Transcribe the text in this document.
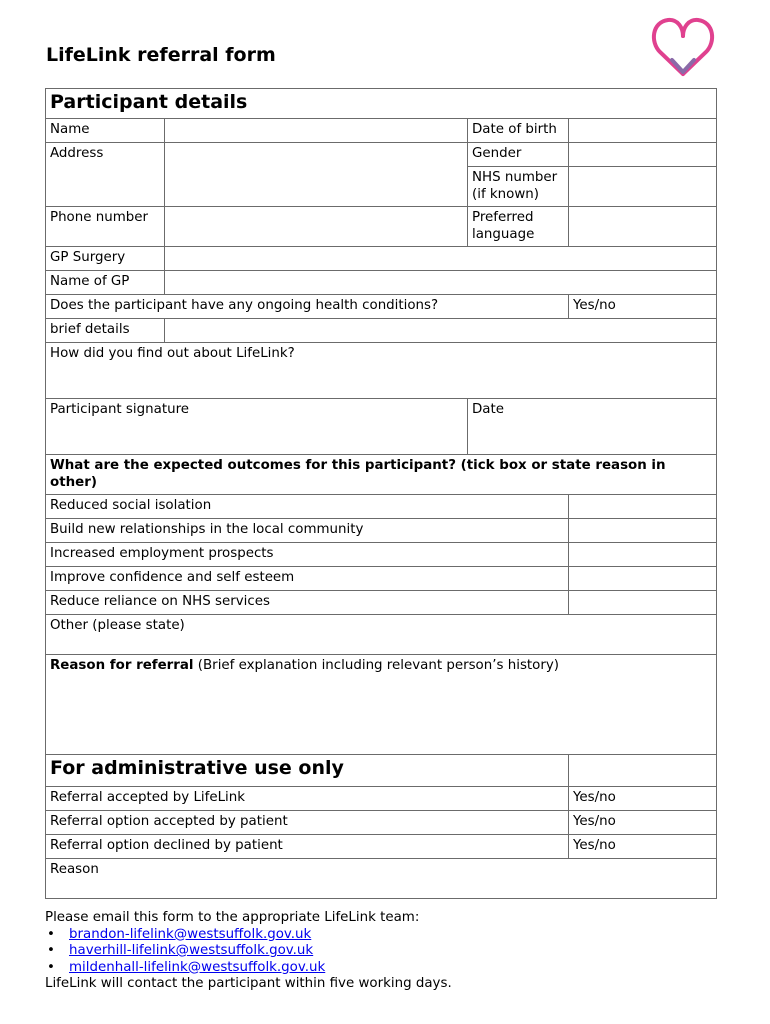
LifeLink referral form
Participant details			
Name		Date of birth	
Address		Gender	
		NHS number (if known)	
Phone number		Preferred language	
GP Surgery			
Name of GP			
Does the participant have any ongoing health conditions?			Yes/no
brief details			
How did you find out about LifeLink?			
Participant signature		Date	
What are the expected outcomes for this participant? (tick box or state reason in other)			
Reduced social isolation			
Build new relationships in the local community			
Increased employment prospects			
Improve confidence and self esteem			
Reduce reliance on NHS services			
Other (please state)			
Reason for referral (Brief explanation including relevant person’s history)			
For administrative use only			
Referral accepted by LifeLink			Yes/no
Referral option accepted by patient			Yes/no
Referral option declined by patient			Yes/no
Reason			
Please email this form to the appropriate LifeLink team:
• brandon-lifelink@westsuffolk.gov.uk
• haverhill-lifelink@westsuffolk.gov.uk
• mildenhall-lifelink@westsuffolk.gov.uk
LifeLink will contact the participant within five working days.
